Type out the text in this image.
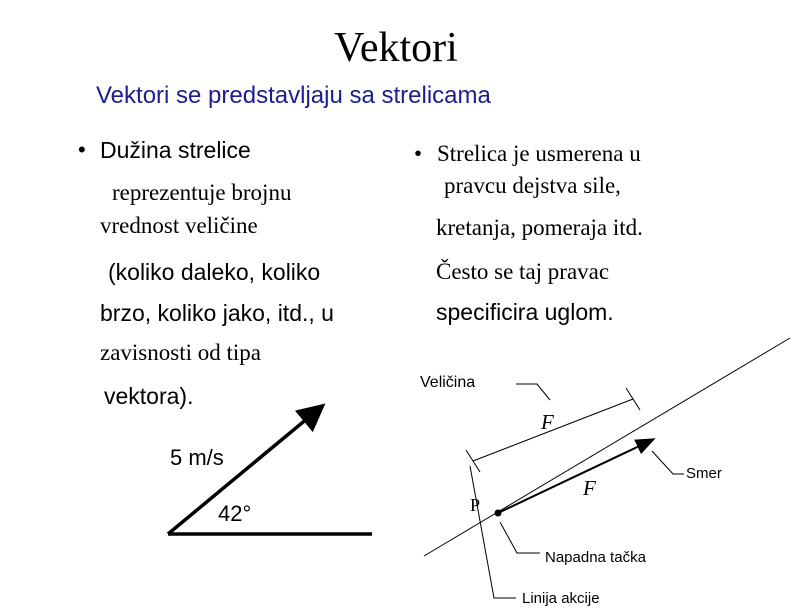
Vektori
Vektori se predstavljaju sa strelicama
• Dužina strelice
reprezentuje brojnu
vrednost veličine
(koliko daleko, koliko
brzo, koliko jako, itd., u
zavisnosti od tipa
vektora).
• Strelica je usmerena u
pravcu dejstva sile,
kretanja, pomeraja itd.
Često se taj pravac
specificira uglom.
5 m/s
42°
Veličina
F
F
P
Smer
Napadna tačka
Linija akcije
